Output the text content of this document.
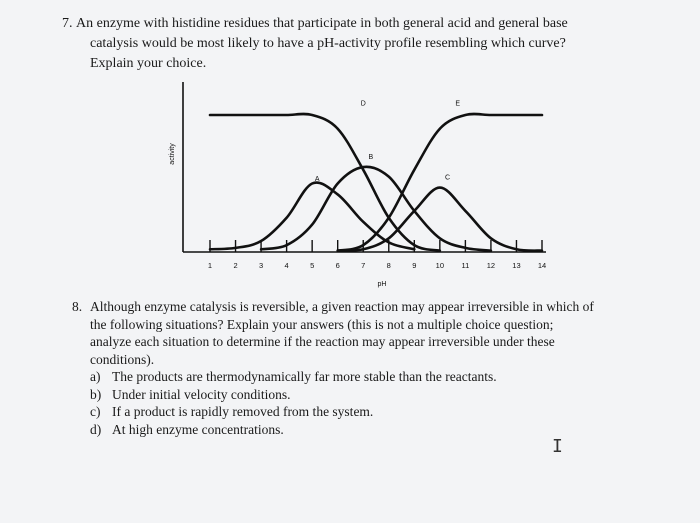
7. An enzyme with histidine residues that participate in both general acid and general base
catalysis would be most likely to have a pH-activity profile resembling which curve?
Explain your choice.
activity
pH
1	2	3	4	5	6	7	8	9	10 11 12 13 14
A
B
C
D	E
8. Although enzyme catalysis is reversible, a given reaction may appear irreversible in which of
the following situations? Explain your answers (this is not a multiple choice question;
analyze each situation to determine if the reaction may appear irreversible under these
conditions).
a) The products are thermodynamically far more stable than the reactants.
b) Under initial velocity conditions.
c) If a product is rapidly removed from the system.
d) At high enzyme concentrations.
I
